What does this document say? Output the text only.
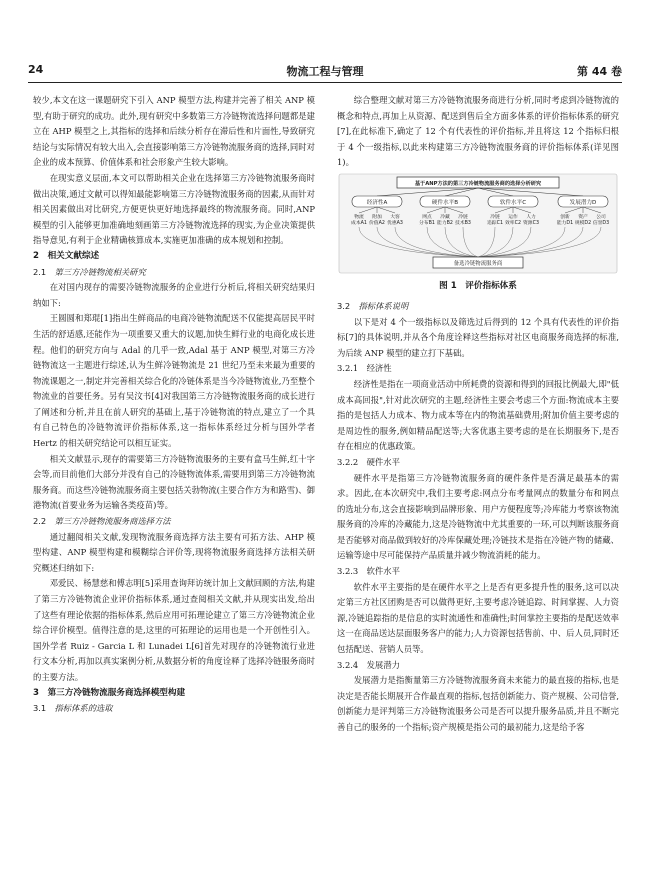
24	物流工程与管理	第 44 卷

较少,本文在这一课题研究下引入 ANP 模型方法,构建并完善了相关 ANP 模型,有助于研究的成功。此外,现有研究中多数第三方冷链物流选择问题都是建立在 AHP 模型之上,其指标的选择和后续分析存在滞后性和片面性,导致研究结论与实际情况有较大出入,会直接影响第三方冷链物流服务商的选择,同时对企业的成本预算、价值体系和社会形象产生较大影响。

在现实意义层面,本文可以帮助相关企业在选择第三方冷链物流服务商时做出决策,通过文献可以得知最能影响第三方冷链物流服务商的因素,从而针对相关因素做出对比研究,方便更快更好地选择最终的物流服务商。同时,ANP 模型的引入能够更加准确地刻画第三方冷链物流选择的现实,为企业决策提供指导意见,有利于企业精确核算成本,实施更加准确的成本规划和控制。

2　相关文献综述
2.1　第三方冷链物流相关研究

在对国内现存的需要冷链物流服务的企业进行分析后,将相关研究结果归纳如下:

王圆圆和郑琨[1]指出生鲜商品的电商冷链物流配送不仅能提高居民平时生活的舒适感,还能作为一项重要又重大的议题,加快生鲜行业的电商化成长进程。他们的研究方向与 Adal 的几乎一致,Adal 基于 ANP 模型,对第三方冷链物流这一主题进行综述,认为生鲜冷链物流是 21 世纪乃至未来最为重要的物流课题之一,制定并完善相关综合化的冷链体系是当今冷链物流业,乃至整个物流业的首要任务。另有吴汶书[4]对我国第三方冷链物流服务商的成长进行了阐述和分析,并且在前人研究的基础上,基于冷链物流的特点,建立了一个具有自己特色的冷链物流评价指标体系,这一指标体系经过分析与国外学者 Hertz 的相关研究结论可以相互证实。

相关文献显示,现存的需要第三方冷链物流服务的主要有盒马生鲜,红十字会等,而目前他们大部分并没有自己的冷链物流体系,需要用到第三方冷链物流服务商。而这些冷链物流服务商主要包括关勃物流(主要合作方为和路雪)、御港物流(首要业务为运输各类疫苗)等。

2.2　第三方冷链物流服务商选择方法

通过翻阅相关文献,发现物流服务商选择方法主要有可拓方法、AHP 模型构建、ANP 模型构建和模糊综合评价等,现将物流服务商选择方法相关研究概述归纳如下:

邓爱民、杨慧慈和傅志明[5]采用查询拜访统计加上文献回顾的方法,构建了第三方冷链物流企业评价指标体系,通过查阅相关文献,并从现实出发,给出了这些有理论依据的指标体系,然后应用可拓理论建立了第三方冷链物流企业综合评价模型。值得注意的是,这里的可拓理论的运用也是一个开创性引入。国外学者 Ruiz - Garcia L 和 Lunadei L[6]首先对现存的冷链物流行业进行文本分析,再加以真实案例分析,从数据分析的角度诠释了选择冷链服务商时的主要方法。

3　第三方冷链物流服务商选择模型构建
3.1　指标体系的选取

综合整理文献对第三方冷链物流服务商进行分析,同时考虑到冷链物流的概念和特点,再加上从资源、配送到售后全方面多体系的评价指标体系的研究[7],在此标准下,确定了 12 个有代表性的评价指标,并且将这 12 个指标归根于 4 个一级指标,以此来构建第三方冷链物流服务商的评价指标体系(详见图 1)。

基于ANP方法的第三方冷链物流服务商的选择分析研究
经济性A	硬件水平B	软件水平C	发展潜力D
物流
成本A1
附加
价值A2
大客
优惠A3
网点
分布B1
冷藏
能力B2
冷链
技术B3
冷链
追踪C1
运作
效率C2
人力
资源C3
创新
能力D1
资产
规模D2
公司
信誉D3
备选冷链物流服务商
图 1　评价指标体系
3.2　指标体系说明

以下是对 4 个一级指标以及筛选过后得到的 12 个具有代表性的评价指标[7]的具体说明,并从各个角度诠释这些指标对社区电商服务商选择的标准,为后续 ANP 模型的建立打下基础。

3.2.1　经济性

经济性是指在一项商业活动中所耗费的资源和得到的回报比例最大,即"低成本高回报",针对此次研究的主题,经济性主要会考虑三个方面:物流成本主要指的是包括人力成本、物力成本等在内的物流基础费用;附加价值主要考虑的是周边性的服务,例如精品配送等;大客优惠主要考虑的是在长期服务下,是否存在相应的优惠政策。

3.2.2　硬件水平

硬件水平是指第三方冷链物流服务商的硬件条件是否满足最基本的需求。因此,在本次研究中,我们主要考虑:网点分布考量网点的数量分布和网点的选址分布,这会直接影响到品牌形象、用户方便程度等;冷库能力考察该物流服务商的冷库的冷藏能力,这是冷链物流中尤其重要的一环,可以判断该服务商是否能够对商品做到较好的冷库保藏处理;冷链技术是指在冷链产物的储藏、运输等途中尽可能保持产品质量并减少物流消耗的能力。

3.2.3　软件水平

软件水平主要指的是在硬件水平之上是否有更多提升性的服务,这可以决定第三方社区团购是否可以做得更好,主要考虑冷链追踪、时间掌握、人力资源,冷链追踪指的是信息的实时流通性和准确性;时间掌控主要指的是配送效率这一在商品送达层面服务客户的能力;人力资源包括售前、中、后人员,同时还包括配送、营销人员等。

3.2.4　发展潜力

发展潜力是指衡量第三方冷链物流服务商未来能力的最直接的指标,也是决定是否能长期展开合作最直观的指标,包括创新能力、资产规模、公司信誉,创新能力是评判第三方冷链物流服务公司是否可以提升服务品质,并且不断完善自己的服务的一个指标;资产规模是指公司的最初能力,这是给予客
